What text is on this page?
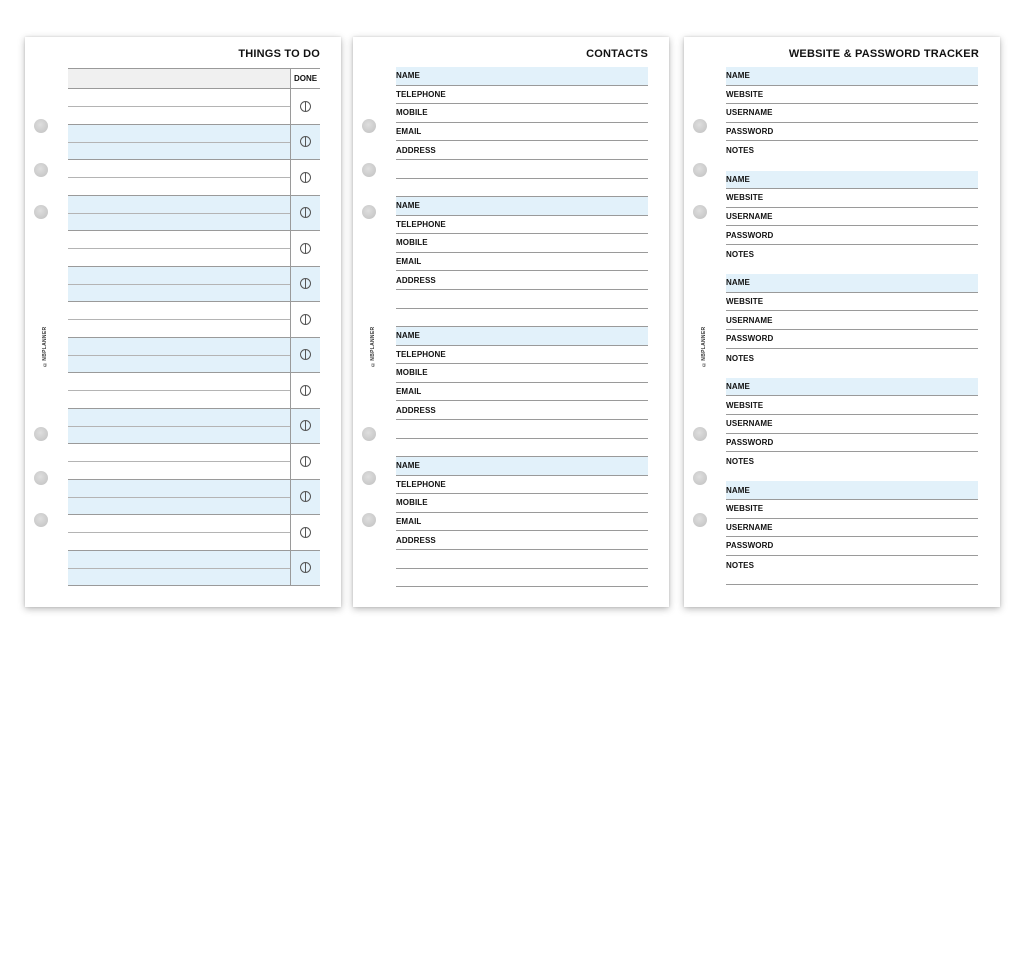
©NBPLANNER
THINGS TO DO
DONE
©NBPLANNER
CONTACTS
NAME
TELEPHONE
MOBILE
EMAIL
ADDRESS
NAME
TELEPHONE
MOBILE
EMAIL
ADDRESS
NAME
TELEPHONE
MOBILE
EMAIL
ADDRESS
NAME
TELEPHONE
MOBILE
EMAIL
ADDRESS
©NBPLANNER
WEBSITE & PASSWORD TRACKER
NAME
WEBSITE
USERNAME
PASSWORD
NOTES
NAME
WEBSITE
USERNAME
PASSWORD
NOTES
NAME
WEBSITE
USERNAME
PASSWORD
NOTES
NAME
WEBSITE
USERNAME
PASSWORD
NOTES
NAME
WEBSITE
USERNAME
PASSWORD
NOTES
